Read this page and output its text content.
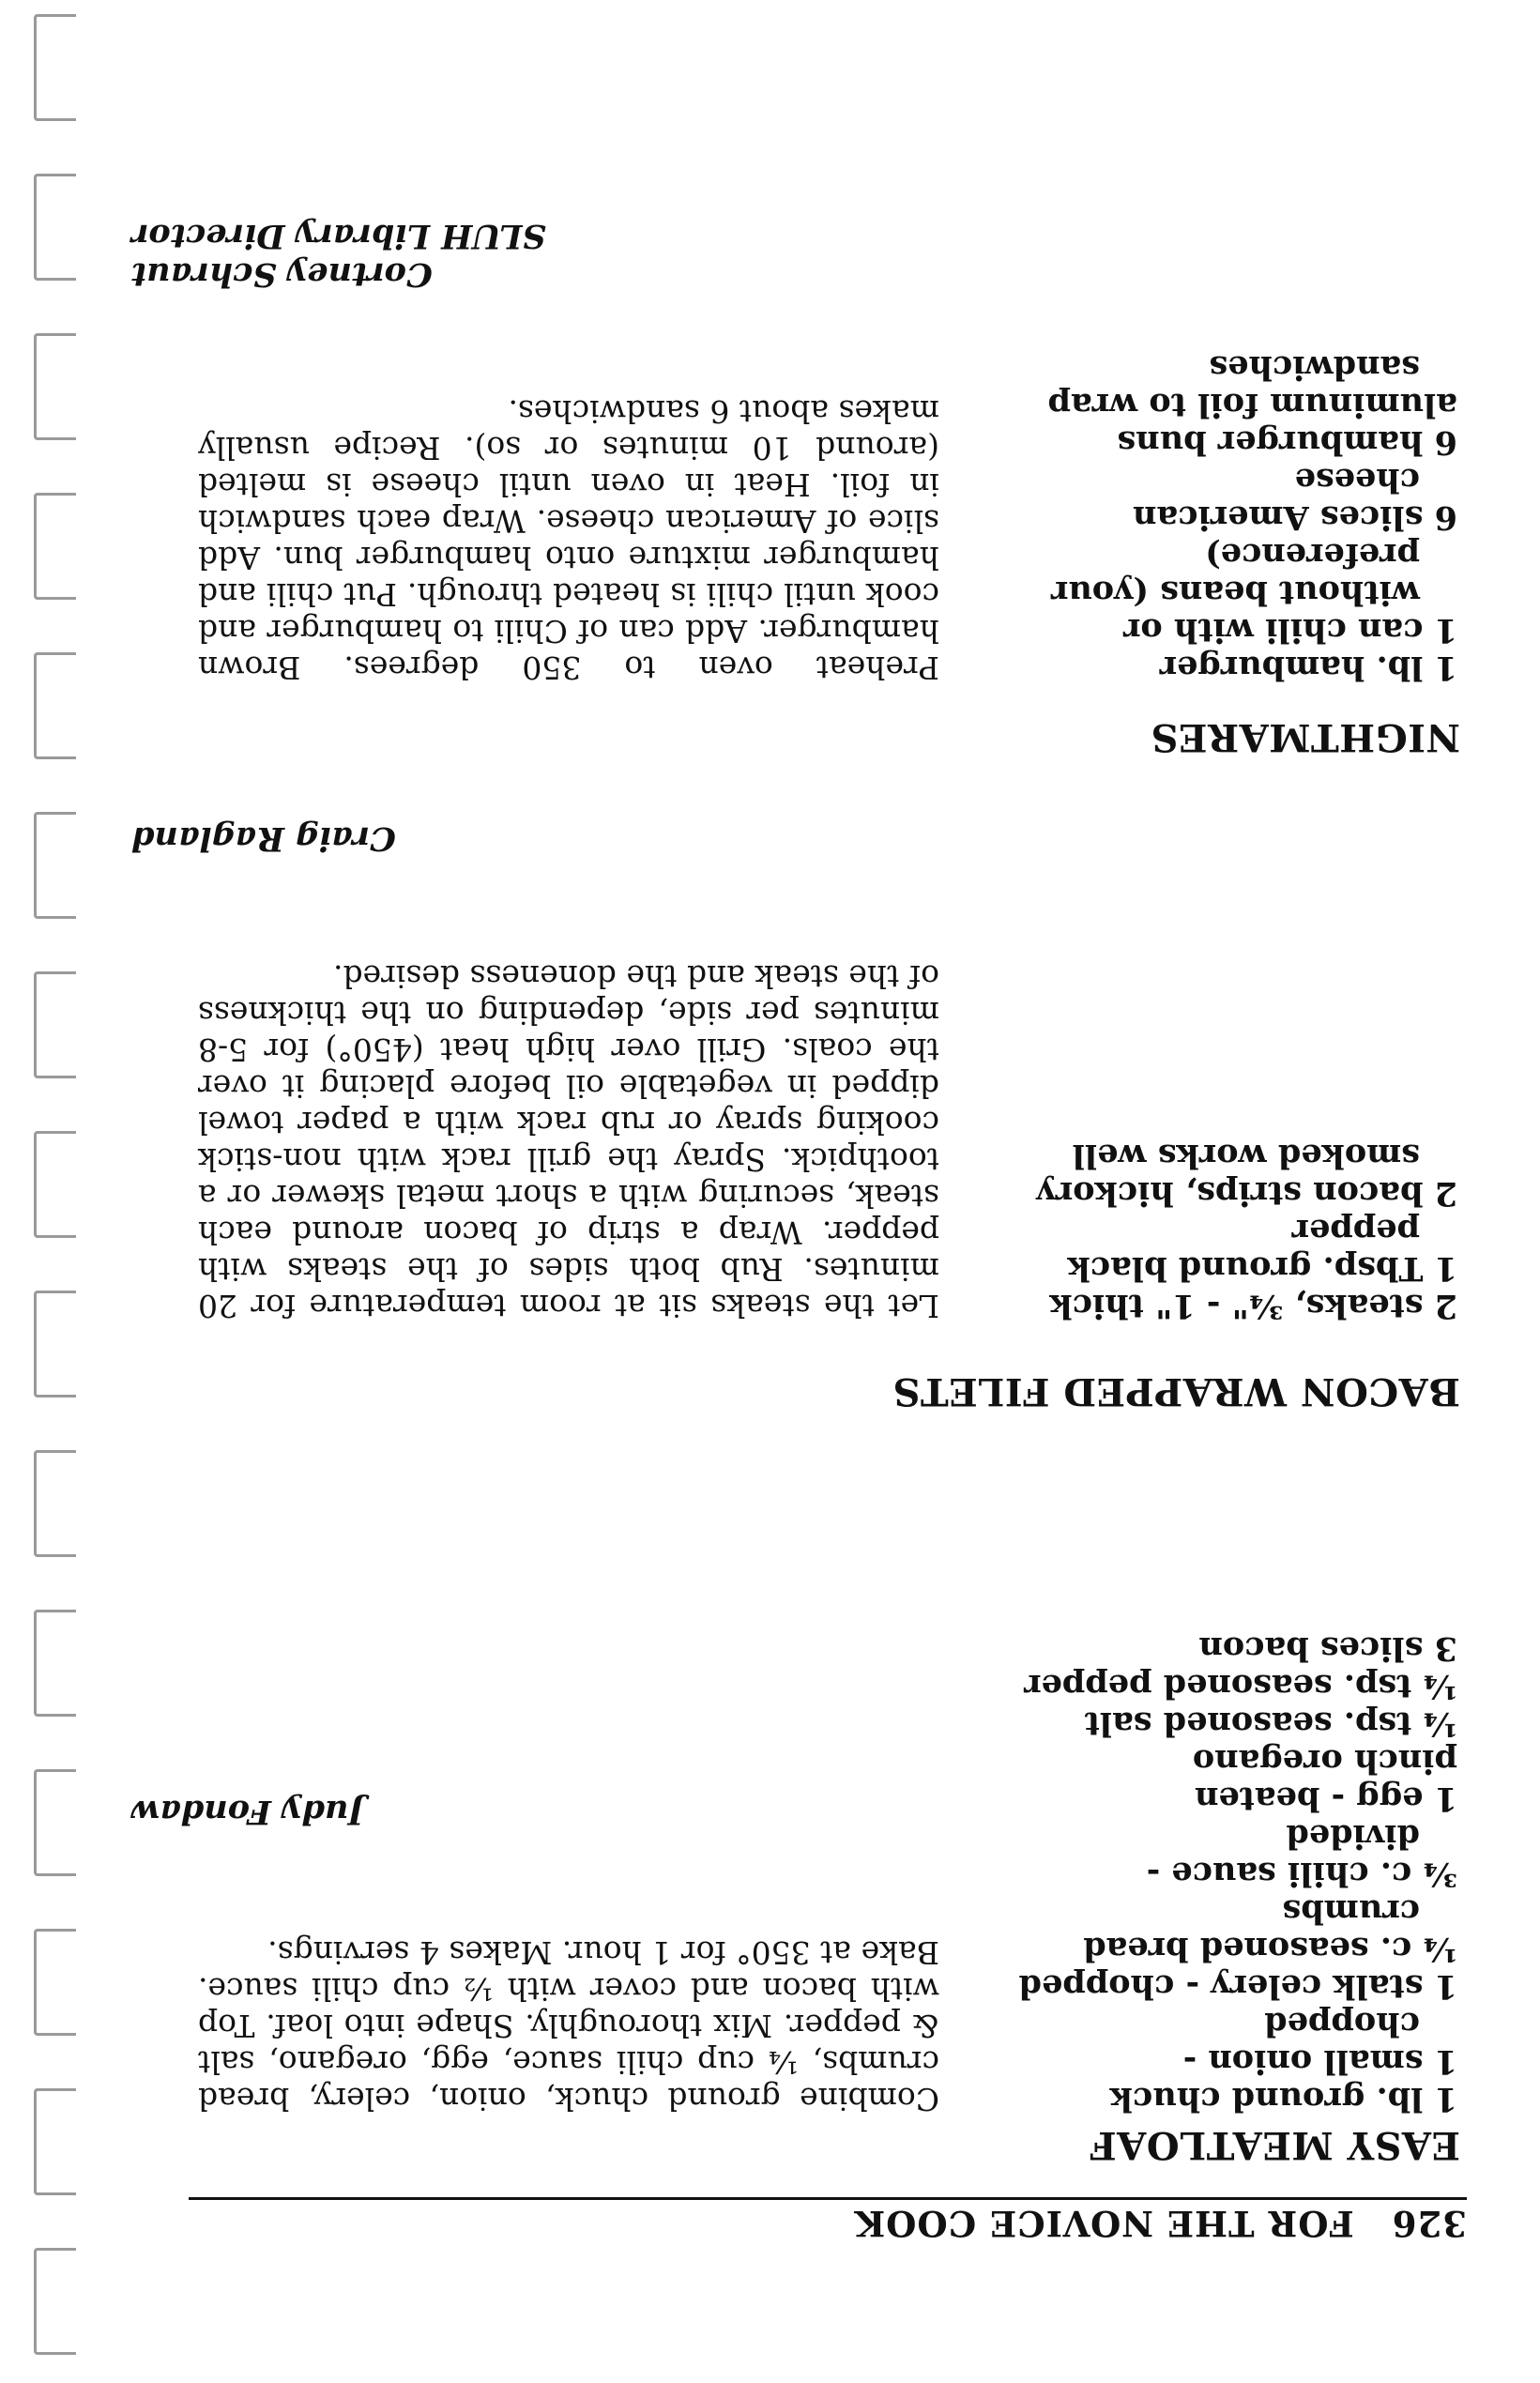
326FOR THE NOVICE COOK
EASY MEATLOAF
1 lb. ground chuck
1 small onion - chopped
1 stalk celery - chopped
¼ c. seasoned bread crumbs
¾ c. chili sauce - divided
1 egg - beaten
pinch oregano
¼ tsp. seasoned salt
¼ tsp. seasoned pepper
3 slices bacon

Combine ground chuck, onion, celery, bread crumbs, ¼ cup chili sauce, egg, oregano, salt & pepper. Mix thoroughly. Shape into loaf. Top with bacon and cover with ½ cup chili sauce. Bake at 350° for 1 hour. Makes 4 servings.

Judy Fondaw
BACON WRAPPED FILETS
2 steaks, ¾" - 1" thick
1 Tbsp. ground black pepper
2 bacon strips, hickory smoked works well

Let the steaks sit at room temperature for 20 minutes. Rub both sides of the steaks with pepper. Wrap a strip of bacon around each steak, securing with a short metal skewer or a toothpick. Spray the grill rack with non-stick cooking spray or rub rack with a paper towel dipped in vegetable oil before placing it over the coals. Grill over high heat (450°) for 5-8 minutes per side, depending on the thickness of the steak and the doneness desired.

Craig Ragland
NIGHTMARES
1 lb. hamburger
1 can chili with or without beans (your preference)
6 slices American cheese
6 hamburger buns
aluminum foil to wrap sandwiches

Preheat oven to 350 degrees. Brown hamburger. Add can of Chili to hamburger and cook until chili is heated through. Put chili and hamburger mixture onto hamburger bun. Add slice of American cheese. Wrap each sandwich in foil. Heat in oven until cheese is melted (around 10 minutes or so). Recipe usually makes about 6 sandwiches.

Cortney Schraut
SLUH Library Director
